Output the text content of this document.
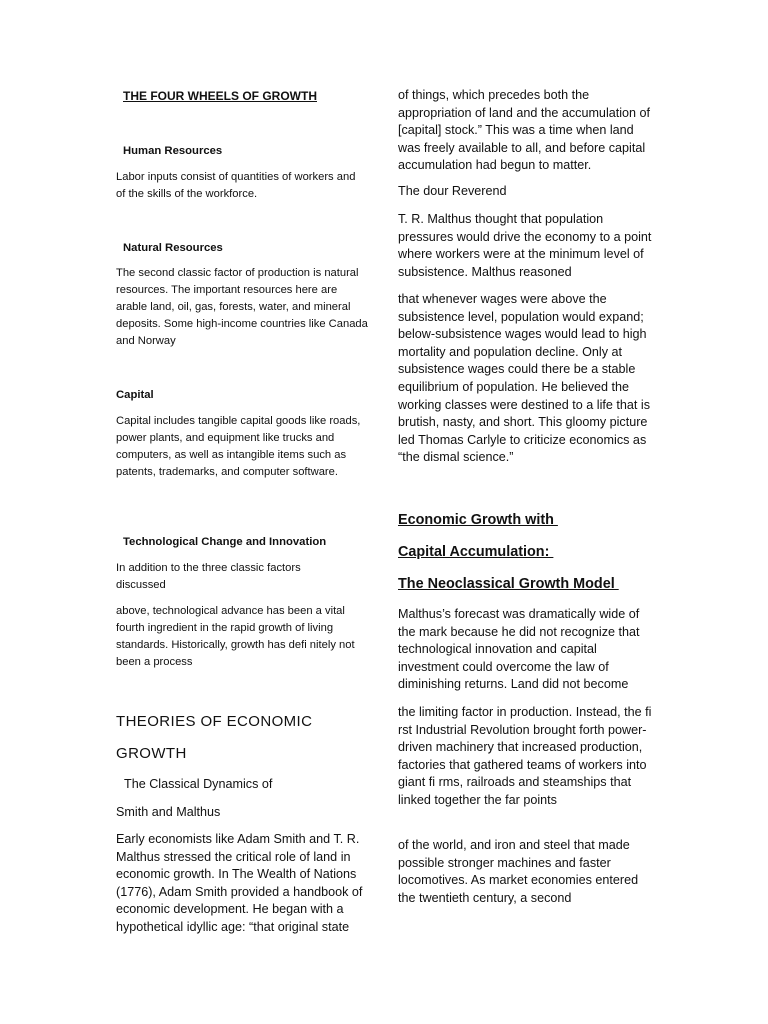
THE FOUR WHEELS OF GROWTH
Human Resources
Labor inputs consist of quantities of workers and of the skills of the workforce.
Natural Resources
The second classic factor of production is natural resources. The important resources here are arable land, oil, gas, forests, water, and mineral deposits. Some high-income countries like Canada and Norway
Capital
Capital includes tangible capital goods like roads, power plants, and equipment like trucks and computers, as well as intangible items such as patents, trademarks, and computer software.
Technological Change and Innovation
In addition to the three classic factors discussed
above, technological advance has been a vital fourth ingredient in the rapid growth of living standards. Historically, growth has defi nitely not been a process
THEORIES OF ECONOMIC
GROWTH
The Classical Dynamics of
Smith and Malthus
Early economists like Adam Smith and T. R. Malthus stressed the critical role of land in economic growth. In The Wealth of Nations (1776), Adam Smith provided a handbook of economic development. He began with a hypothetical idyllic age: “that original state
of things, which precedes both the appropriation of land and the accumulation of [capital] stock.” This was a time when land was freely available to all, and before capital accumulation had begun to matter.
The dour Reverend
T. R. Malthus thought that population pressures would drive the economy to a point where workers were at the minimum level of subsistence. Malthus reasoned
that whenever wages were above the subsistence level, population would expand; below-subsistence wages would lead to high mortality and population decline. Only at subsistence wages could there be a stable equilibrium of population. He believed the working classes were destined to a life that is brutish, nasty, and short. This gloomy picture led Thomas Carlyle to criticize economics as “the dismal science.”
Economic Growth with
Capital Accumulation:
The Neoclassical Growth Model
Malthus’s forecast was dramatically wide of the mark because he did not recognize that technological innovation and capital investment could overcome the law of diminishing returns. Land did not become
the limiting factor in production. Instead, the fi rst Industrial Revolution brought forth power-driven machinery that increased production, factories that gathered teams of workers into giant fi rms, railroads and steamships that linked together the far points
of the world, and iron and steel that made possible stronger machines and faster locomotives. As market economies entered the twentieth century, a second
